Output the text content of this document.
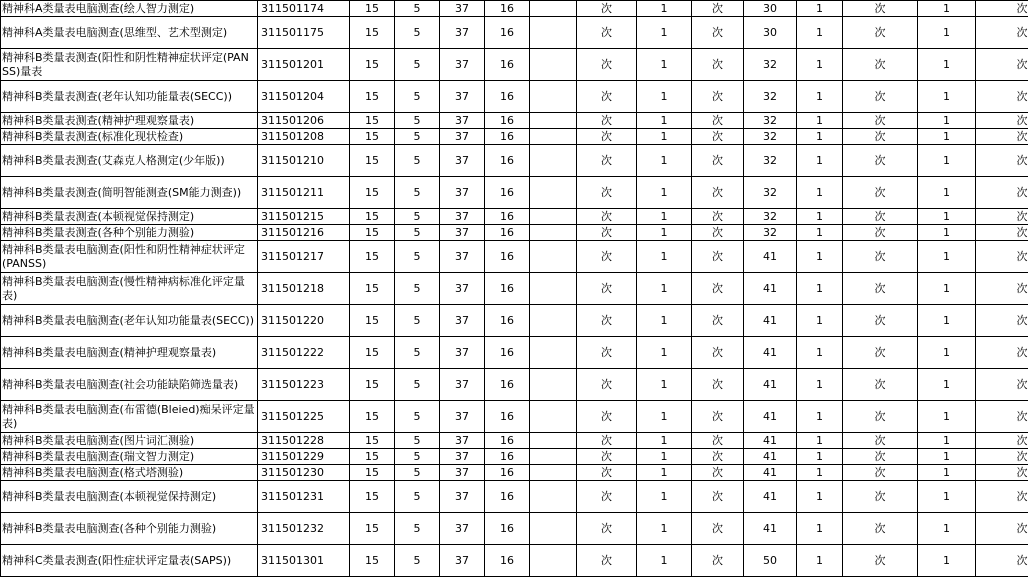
精神科A类量表电脑测查(绘人智力测定)	311501174	15	5	37	16		次	1	次	30	1	次	1	次
精神科A类量表电脑测查(思维型、艺术型测定)	311501175	15	5	37	16		次	1	次	30	1	次	1	次
精神科B类量表测查(阳性和阴性精神症状评定(PANSS)量表	311501201	15	5	37	16		次	1	次	32	1	次	1	次
精神科B类量表测查(老年认知功能量表(SECC))	311501204	15	5	37	16		次	1	次	32	1	次	1	次
精神科B类量表测查(精神护理观察量表)	311501206	15	5	37	16		次	1	次	32	1	次	1	次
精神科B类量表测查(标准化现状检查)	311501208	15	5	37	16		次	1	次	32	1	次	1	次
精神科B类量表测查(艾森克人格测定(少年版))	311501210	15	5	37	16		次	1	次	32	1	次	1	次
精神科B类量表测查(简明智能测查(SM能力测查))	311501211	15	5	37	16		次	1	次	32	1	次	1	次
精神科B类量表测查(本顿视觉保持测定)	311501215	15	5	37	16		次	1	次	32	1	次	1	次
精神科B类量表测查(各种个别能力测验)	311501216	15	5	37	16		次	1	次	32	1	次	1	次
精神科B类量表电脑测查(阳性和阴性精神症状评定(PANSS)	311501217	15	5	37	16		次	1	次	41	1	次	1	次
精神科B类量表电脑测查(慢性精神病标准化评定量表)	311501218	15	5	37	16		次	1	次	41	1	次	1	次
精神科B类量表电脑测查(老年认知功能量表(SECC))	311501220	15	5	37	16		次	1	次	41	1	次	1	次
精神科B类量表电脑测查(精神护理观察量表)	311501222	15	5	37	16		次	1	次	41	1	次	1	次
精神科B类量表电脑测查(社会功能缺陷筛选量表)	311501223	15	5	37	16		次	1	次	41	1	次	1	次
精神科B类量表电脑测查(布雷德(Bleied)痴呆评定量表)	311501225	15	5	37	16		次	1	次	41	1	次	1	次
精神科B类量表电脑测查(图片词汇测验)	311501228	15	5	37	16		次	1	次	41	1	次	1	次
精神科B类量表电脑测查(瑞文智力测定)	311501229	15	5	37	16		次	1	次	41	1	次	1	次
精神科B类量表电脑测查(格式塔测验)	311501230	15	5	37	16		次	1	次	41	1	次	1	次
精神科B类量表电脑测查(本顿视觉保持测定)	311501231	15	5	37	16		次	1	次	41	1	次	1	次
精神科B类量表电脑测查(各种个别能力测验)	311501232	15	5	37	16		次	1	次	41	1	次	1	次
精神科C类量表测查(阳性症状评定量表(SAPS))	311501301	15	5	37	16		次	1	次	50	1	次	1	次
